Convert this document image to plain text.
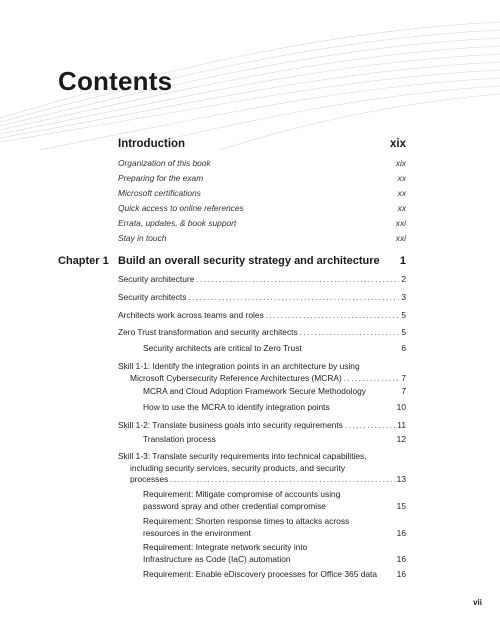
Contents
Introduction	xix
Organization of this book	xix
Preparing for the exam	xx
Microsoft certifications	xx
Quick access to online references	xx
Errata, updates, & book support	xxi
Stay in touch	xxi
Chapter 1 Build an overall security strategy and architecture 1
Security architecture .....	2
Security architects .....	3
Architects work across teams and roles .....	5
Zero Trust transformation and security architects .....	5
Security architects are critical to Zero Trust	6
Skill 1-1: Identify the integration points in an architecture by using
Microsoft Cybersecurity Reference Architectures (MCRA) .....	7
MCRA and Cloud Adoption Framework Secure Methodology	7
How to use the MCRA to identify integration points	10
Skill 1-2: Translate business goals into security requirements .....	11
Translation process	12
Skill 1-3: Translate security requirements into technical capabilities,
including security services, security products, and security
processes .....	13
Requirement: Mitigate compromise of accounts using
password spray and other credential compromise	15
Requirement: Shorten response times to attacks across
resources in the environment	16
Requirement: Integrate network security into
Infrastructure as Code (IaC) automation	16
Requirement: Enable eDiscovery processes for Office 365 data 16
vii
